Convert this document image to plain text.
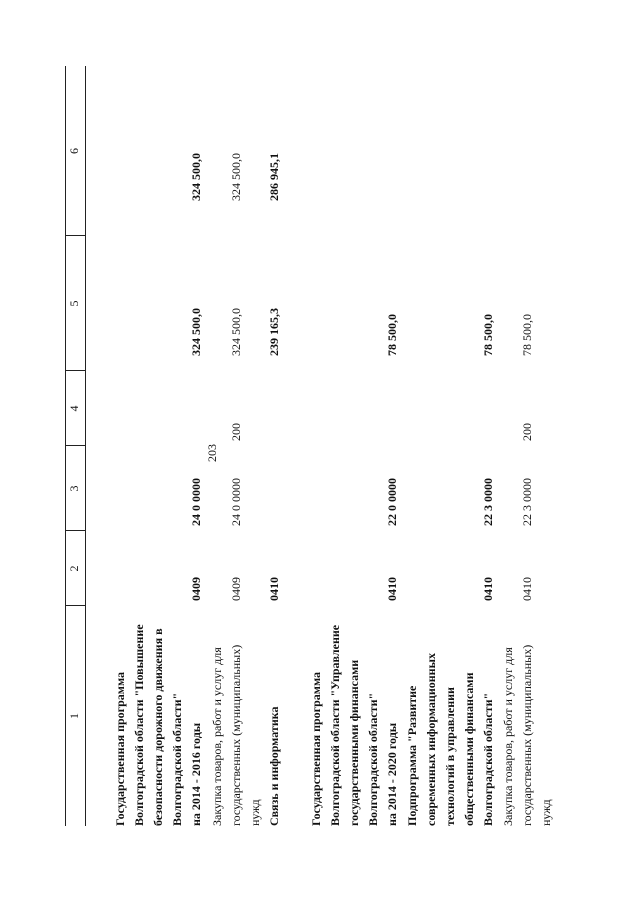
203
1
2
3
4
5
6
Государственная программа Волгоградской области "Повышение безопасности дорожного движения в Волгоградской области" на 2014 - 2016 годы
0409
24 0 0000
324 500,0
324 500,0
Закупка товаров, работ и услуг для государственных (муниципальных) нужд
0409
24 0 0000
200
324 500,0
324 500,0
Связь и информатика
0410
239 165,3
286 945,1
Государственная программа Волгоградской области "Управление государственными финансами Волгоградской области" на 2014 - 2020 годы
0410
22 0 0000
78 500,0
Подпрограмма "Развитие современных информационных технологий в управлении общественными финансами Волгоградской области"
0410
22 3 0000
78 500,0
Закупка товаров, работ и услуг для государственных (муниципальных) нужд
0410
22 3 0000
200
78 500,0
